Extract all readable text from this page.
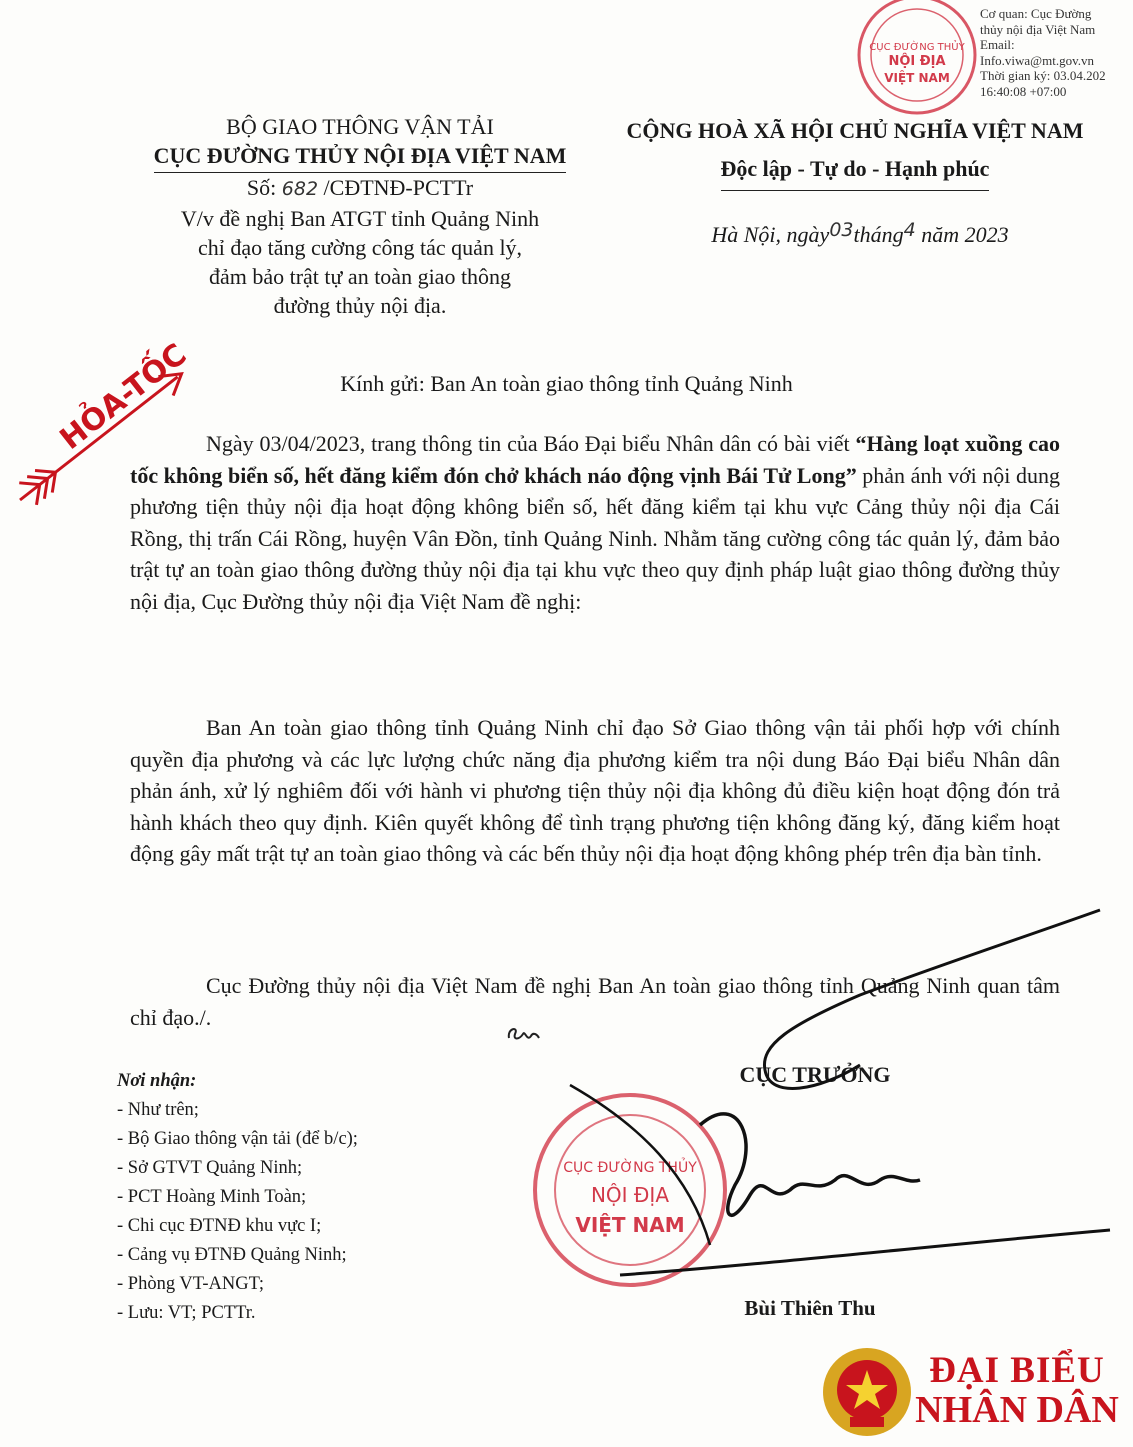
Cơ quan: Cục Đường
thủy nội địa Việt Nam
Email:
Info.viwa@mt.gov.vn
Thời gian ký: 03.04.202
16:40:08 +07:00
CỤC ĐƯỜNG THỦY
NỘI ĐỊA
VIỆT NAM
BỘ GIAO THÔNG VẬN TẢI
CỤC ĐƯỜNG THỦY NỘI ĐỊA VIỆT NAM
Số: 682 /CĐTNĐ-PCTTr
V/v đề nghị Ban ATGT tỉnh Quảng Ninh
chỉ đạo tăng cường công tác quản lý,
đảm bảo trật tự an toàn giao thông
đường thủy nội địa.
CỘNG HOÀ XÃ HỘI CHỦ NGHĨA VIỆT NAM
Độc lập - Tự do - Hạnh phúc
Hà Nội, ngày03tháng4 năm 2023
HỎA-TỐC	Kính gửi: Ban An toàn giao thông tỉnh Quảng Ninh
Ngày 03/04/2023, trang thông tin của Báo Đại biểu Nhân dân có bài viết “Hàng loạt xuồng cao tốc không biển số, hết đăng kiểm đón chở khách náo động vịnh Bái Tử Long” phản ánh với nội dung phương tiện thủy nội địa hoạt động không biển số, hết đăng kiểm tại khu vực Cảng thủy nội địa Cái Rồng, thị trấn Cái Rồng, huyện Vân Đồn, tỉnh Quảng Ninh. Nhằm tăng cường công tác quản lý, đảm bảo trật tự an toàn giao thông đường thủy nội địa tại khu vực theo quy định pháp luật giao thông đường thủy nội địa, Cục Đường thủy nội địa Việt Nam đề nghị:
Ban An toàn giao thông tỉnh Quảng Ninh chỉ đạo Sở Giao thông vận tải phối hợp với chính quyền địa phương và các lực lượng chức năng địa phương kiểm tra nội dung Báo Đại biểu Nhân dân phản ánh, xử lý nghiêm đối với hành vi phương tiện thủy nội địa không đủ điều kiện hoạt động đón trả hành khách theo quy định. Kiên quyết không để tình trạng phương tiện không đăng ký, đăng kiểm hoạt động gây mất trật tự an toàn giao thông và các bến thủy nội địa hoạt động không phép trên địa bàn tỉnh.
Cục Đường thủy nội địa Việt Nam đề nghị Ban An toàn giao thông tỉnh Quảng Ninh quan tâm chỉ đạo./.
Nơi nhận:
- Như trên;
- Bộ Giao thông vận tải (để b/c);
- Sở GTVT Quảng Ninh;
- PCT Hoàng Minh Toàn;
- Chi cục ĐTNĐ khu vực I;
- Cảng vụ ĐTNĐ Quảng Ninh;
- Phòng VT-ANGT;
- Lưu: VT; PCTTr.
CỤC ĐƯỜNG THỦY
NỘI ĐỊA
VIỆT NAM
CỤC TRƯỞNG
Bùi Thiên Thu
ĐẠI BIỂU
NHÂN DÂN
